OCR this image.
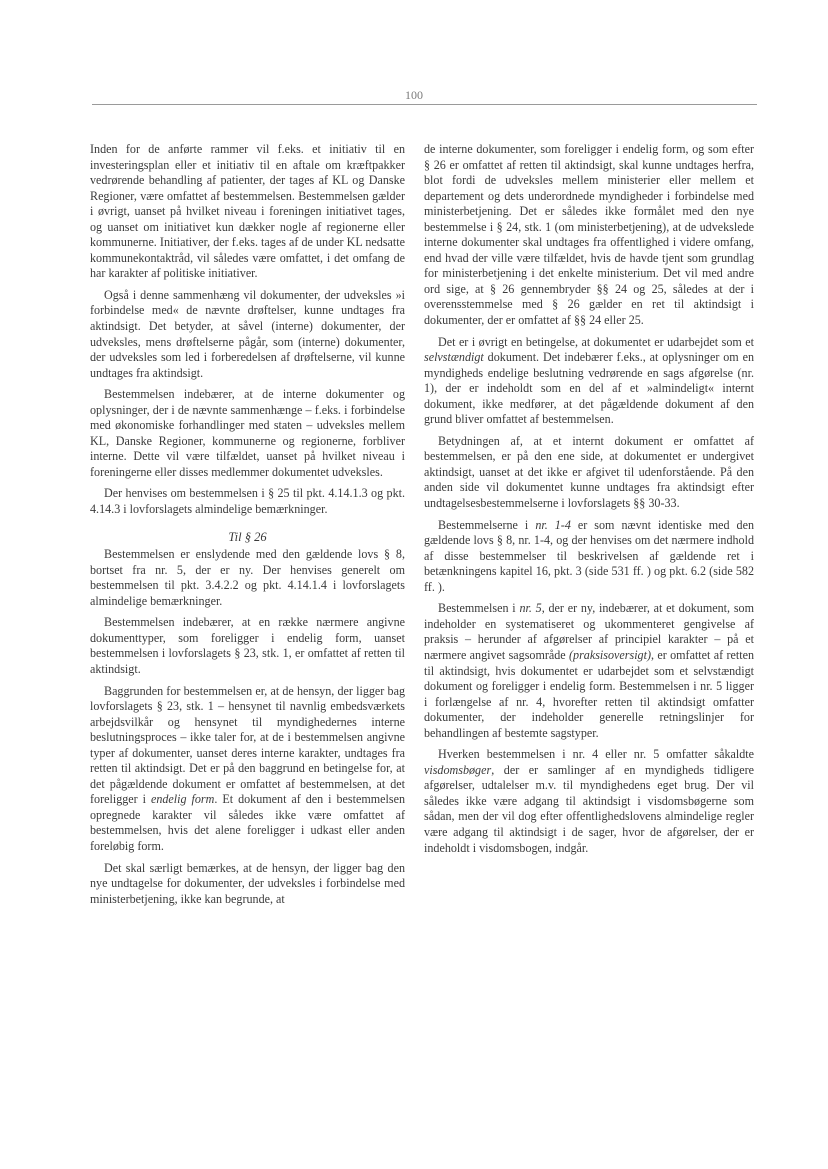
100

Inden for de anførte rammer vil f.eks. et initiativ til en investeringsplan eller et initiativ til en aftale om kræftpakker vedrørende behandling af patienter, der tages af KL og Danske Regioner, være omfattet af bestemmelsen. Bestemmelsen gælder i øvrigt, uanset på hvilket niveau i foreningen initiativet tages, og uanset om initiativet kun dækker nogle af regionerne eller kommunerne. Initiativer, der f.eks. tages af de under KL nedsatte kommunekontaktråd, vil således være omfattet, i det omfang de har karakter af politiske initiativer.

Også i denne sammenhæng vil dokumenter, der udveksles »i forbindelse med« de nævnte drøftelser, kunne undtages fra aktindsigt. Det betyder, at såvel (interne) dokumenter, der udveksles, mens drøftelserne pågår, som (interne) dokumenter, der udveksles som led i forberedelsen af drøftelserne, vil kunne undtages fra aktindsigt.

Bestemmelsen indebærer, at de interne dokumenter og oplysninger, der i de nævnte sammenhænge – f.eks. i forbindelse med økonomiske forhandlinger med staten – udveksles mellem KL, Danske Regioner, kommunerne og regionerne, forbliver interne. Dette vil være tilfældet, uanset på hvilket niveau i foreningerne eller disses medlemmer dokumentet udveksles.

Der henvises om bestemmelsen i § 25 til pkt. 4.14.1.3 og pkt. 4.14.3 i lovforslagets almindelige bemærkninger.

Til § 26

Bestemmelsen er enslydende med den gældende lovs § 8, bortset fra nr. 5, der er ny. Der henvises generelt om bestemmelsen til pkt. 3.4.2.2 og pkt. 4.14.1.4 i lovforslagets almindelige bemærkninger.

Bestemmelsen indebærer, at en række nærmere angivne dokumenttyper, som foreligger i endelig form, uanset bestemmelsen i lovforslagets § 23, stk. 1, er omfattet af retten til aktindsigt.

Baggrunden for bestemmelsen er, at de hensyn, der ligger bag lovforslagets § 23, stk. 1 – hensynet til navnlig embedsværkets arbejdsvilkår og hensynet til myndighedernes interne beslutningsproces – ikke taler for, at de i bestemmelsen angivne typer af dokumenter, uanset deres interne karakter, undtages fra retten til aktindsigt. Det er på den baggrund en betingelse for, at det pågældende dokument er omfattet af bestemmelsen, at det foreligger i endelig form. Et dokument af den i bestemmelsen opregnede karakter vil således ikke være omfattet af bestemmelsen, hvis det alene foreligger i udkast eller anden foreløbig form.

Det skal særligt bemærkes, at de hensyn, der ligger bag den nye undtagelse for dokumenter, der udveksles i forbindelse med ministerbetjening, ikke kan begrunde, at

de interne dokumenter, som foreligger i endelig form, og som efter § 26 er omfattet af retten til aktindsigt, skal kunne undtages herfra, blot fordi de udveksles mellem ministerier eller mellem et departement og dets underordnede myndigheder i forbindelse med ministerbetjening. Det er således ikke formålet med den nye bestemmelse i § 24, stk. 1 (om ministerbetjening), at de udvekslede interne dokumenter skal undtages fra offentlighed i videre omfang, end hvad der ville være tilfældet, hvis de havde tjent som grundlag for ministerbetjening i det enkelte ministerium. Det vil med andre ord sige, at § 26 gennembryder §§ 24 og 25, således at der i overensstemmelse med § 26 gælder en ret til aktindsigt i dokumenter, der er omfattet af §§ 24 eller 25.

Det er i øvrigt en betingelse, at dokumentet er udarbejdet som et selvstændigt dokument. Det indebærer f.eks., at oplysninger om en myndigheds endelige beslutning vedrørende en sags afgørelse (nr. 1), der er indeholdt som en del af et »almindeligt« internt dokument, ikke medfører, at det pågældende dokument af den grund bliver omfattet af bestemmelsen.

Betydningen af, at et internt dokument er omfattet af bestemmelsen, er på den ene side, at dokumentet er undergivet aktindsigt, uanset at det ikke er afgivet til udenforstående. På den anden side vil dokumentet kunne undtages fra aktindsigt efter undtagelsesbestemmelserne i lovforslagets §§ 30-33.

Bestemmelserne i nr. 1-4 er som nævnt identiske med den gældende lovs § 8, nr. 1-4, og der henvises om det nærmere indhold af disse bestemmelser til beskrivelsen af gældende ret i betænkningens kapitel 16, pkt. 3 (side 531 ff. ) og pkt. 6.2 (side 582 ff. ).

Bestemmelsen i nr. 5, der er ny, indebærer, at et dokument, som indeholder en systematiseret og ukommenteret gengivelse af praksis – herunder af afgørelser af principiel karakter – på et nærmere angivet sagsområde (praksisoversigt), er omfattet af retten til aktindsigt, hvis dokumentet er udarbejdet som et selvstændigt dokument og foreligger i endelig form. Bestemmelsen i nr. 5 ligger i forlængelse af nr. 4, hvorefter retten til aktindsigt omfatter dokumenter, der indeholder generelle retningslinjer for behandlingen af bestemte sagstyper.

Hverken bestemmelsen i nr. 4 eller nr. 5 omfatter såkaldte visdomsbøger, der er samlinger af en myndigheds tidligere afgørelser, udtalelser m.v. til myndighedens eget brug. Der vil således ikke være adgang til aktindsigt i visdomsbøgerne som sådan, men der vil dog efter offentlighedslovens almindelige regler være adgang til aktindsigt i de sager, hvor de afgørelser, der er indeholdt i visdomsbogen, indgår.
